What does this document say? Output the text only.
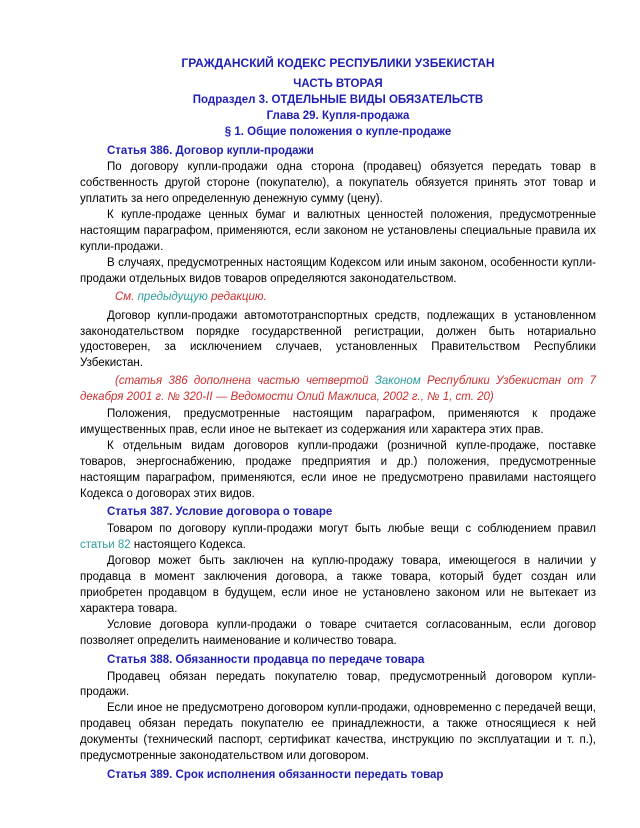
ГРАЖДАНСКИЙ КОДЕКС РЕСПУБЛИКИ УЗБЕКИСТАН
ЧАСТЬ ВТОРАЯ
Подраздел 3. ОТДЕЛЬНЫЕ ВИДЫ ОБЯЗАТЕЛЬСТВ
Глава 29. Купля-продажа
§ 1. Общие положения о купле-продаже
Статья 386. Договор купли-продажи
По договору купли-продажи одна сторона (продавец) обязуется передать товар в собственность другой стороне (покупателю), а покупатель обязуется принять этот товар и уплатить за него определенную денежную сумму (цену).
К купле-продаже ценных бумаг и валютных ценностей положения, предусмотренные настоящим параграфом, применяются, если законом не установлены специальные правила их купли-продажи.
В случаях, предусмотренных настоящим Кодексом или иным законом, особенности купли-продажи отдельных видов товаров определяются законодательством.
См. предыдущую редакцию.
Договор купли-продажи автомототранспортных средств, подлежащих в установленном законодательством порядке государственной регистрации, должен быть нотариально удостоверен, за исключением случаев, установленных Правительством Республики Узбекистан.
(статья 386 дополнена частью четвертой Законом Республики Узбекистан от 7 декабря 2001 г. № 320-II — Ведомости Олий Мажлиса, 2002 г., № 1, ст. 20)
Положения, предусмотренные настоящим параграфом, применяются к продаже имущественных прав, если иное не вытекает из содержания или характера этих прав.
К отдельным видам договоров купли-продажи (розничной купле-продаже, поставке товаров, энергоснабжению, продаже предприятия и др.) положения, предусмотренные настоящим параграфом, применяются, если иное не предусмотрено правилами настоящего Кодекса о договорах этих видов.
Статья 387. Условие договора о товаре
Товаром по договору купли-продажи могут быть любые вещи с соблюдением правил статьи 82 настоящего Кодекса.
Договор может быть заключен на куплю-продажу товара, имеющегося в наличии у продавца в момент заключения договора, а также товара, который будет создан или приобретен продавцом в будущем, если иное не установлено законом или не вытекает из характера товара.
Условие договора купли-продажи о товаре считается согласованным, если договор позволяет определить наименование и количество товара.
Статья 388. Обязанности продавца по передаче товара
Продавец обязан передать покупателю товар, предусмотренный договором купли-продажи.
Если иное не предусмотрено договором купли-продажи, одновременно с передачей вещи, продавец обязан передать покупателю ее принадлежности, а также относящиеся к ней документы (технический паспорт, сертификат качества, инструкцию по эксплуатации и т. п.), предусмотренные законодательством или договором.
Статья 389. Срок исполнения обязанности передать товар
